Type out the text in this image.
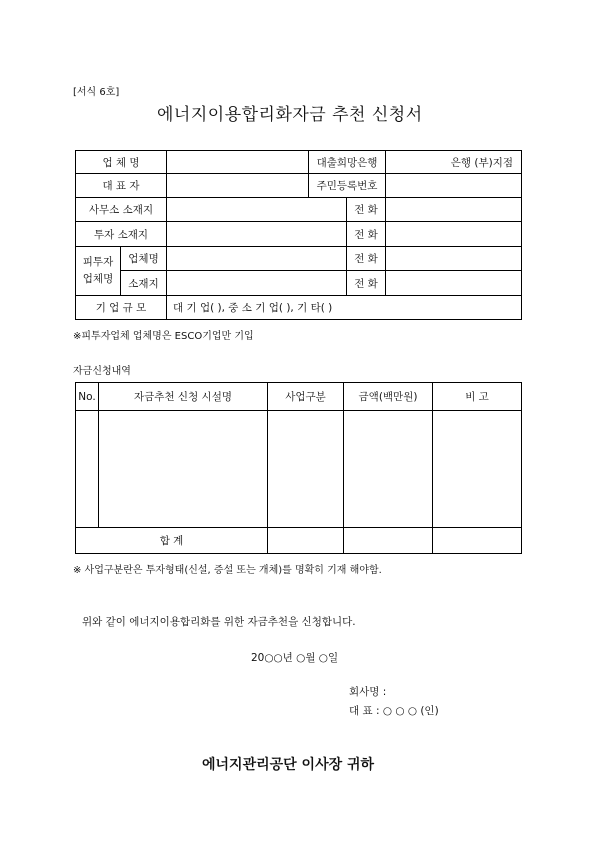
[서식 6호]
에너지이용합리화자금 추천 신청서
업 체 명	대출희망은행	은행 (부)지점
대 표 자	주민등록번호
사무소 소재지	전 화
투자 소재지	전 화
피투자
업체명
업체명	전 화
소재지	전 화
기 업 규 모	대 기 업( ), 중 소 기 업( ), 기 타( )
※피투자업체 업체명은 ESCO기업만 기입
자금신청내역
No.	자금추천 신청 시설명	사업구분	금액(백만원)	비 고
합 계
※ 사업구분란은 투자형태(신설, 증설 또는 개체)를 명확히 기재 해야함.
위와 같이 에너지이용합리화를 위한 자금추천을 신청합니다.
20○○년 ○월 ○일
회사명 :
대 표 : ○ ○ ○ (인)
에너지관리공단 이사장 귀하
